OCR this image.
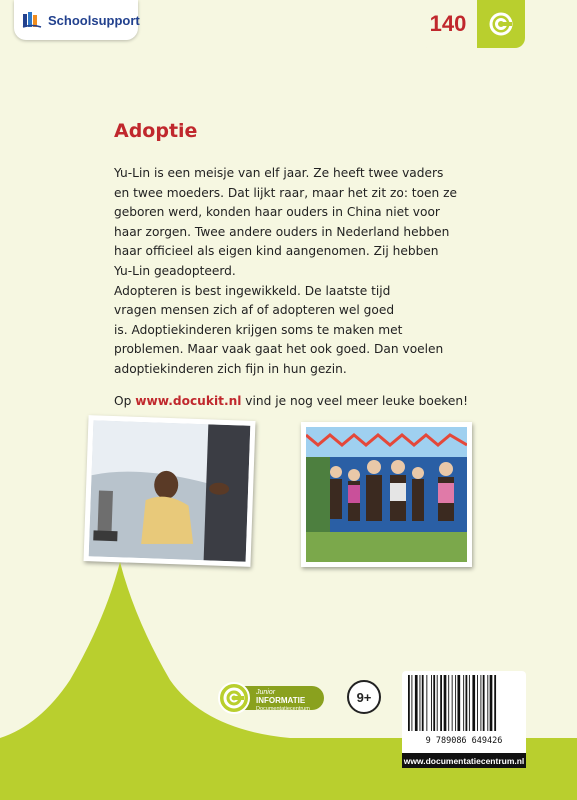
Schoolsupport	140
Adoptie

Yu-Lin is een meisje van elf jaar. Ze heeft twee vaders

en twee moeders. Dat lijkt raar, maar het zit zo: toen ze

geboren werd, konden haar ouders in China niet voor

haar zorgen. Twee andere ouders in Nederland hebben

haar officieel als eigen kind aangenomen. Zij hebben

Yu-Lin geadopteerd.

Adopteren is best ingewikkeld. De laatste tijd

vragen mensen zich af of adopteren wel goed

is. Adoptiekinderen krijgen soms te maken met

problemen. Maar vaak gaat het ook goed. Dan voelen

adoptiekinderen zich fijn in hun gezin.

Op www.docukit.nl vind je nog veel meer leuke boeken!
Junior
INFORMATIE
Documentatiecentrum
9+
9 789086 649426
www.documentatiecentrum.nl
